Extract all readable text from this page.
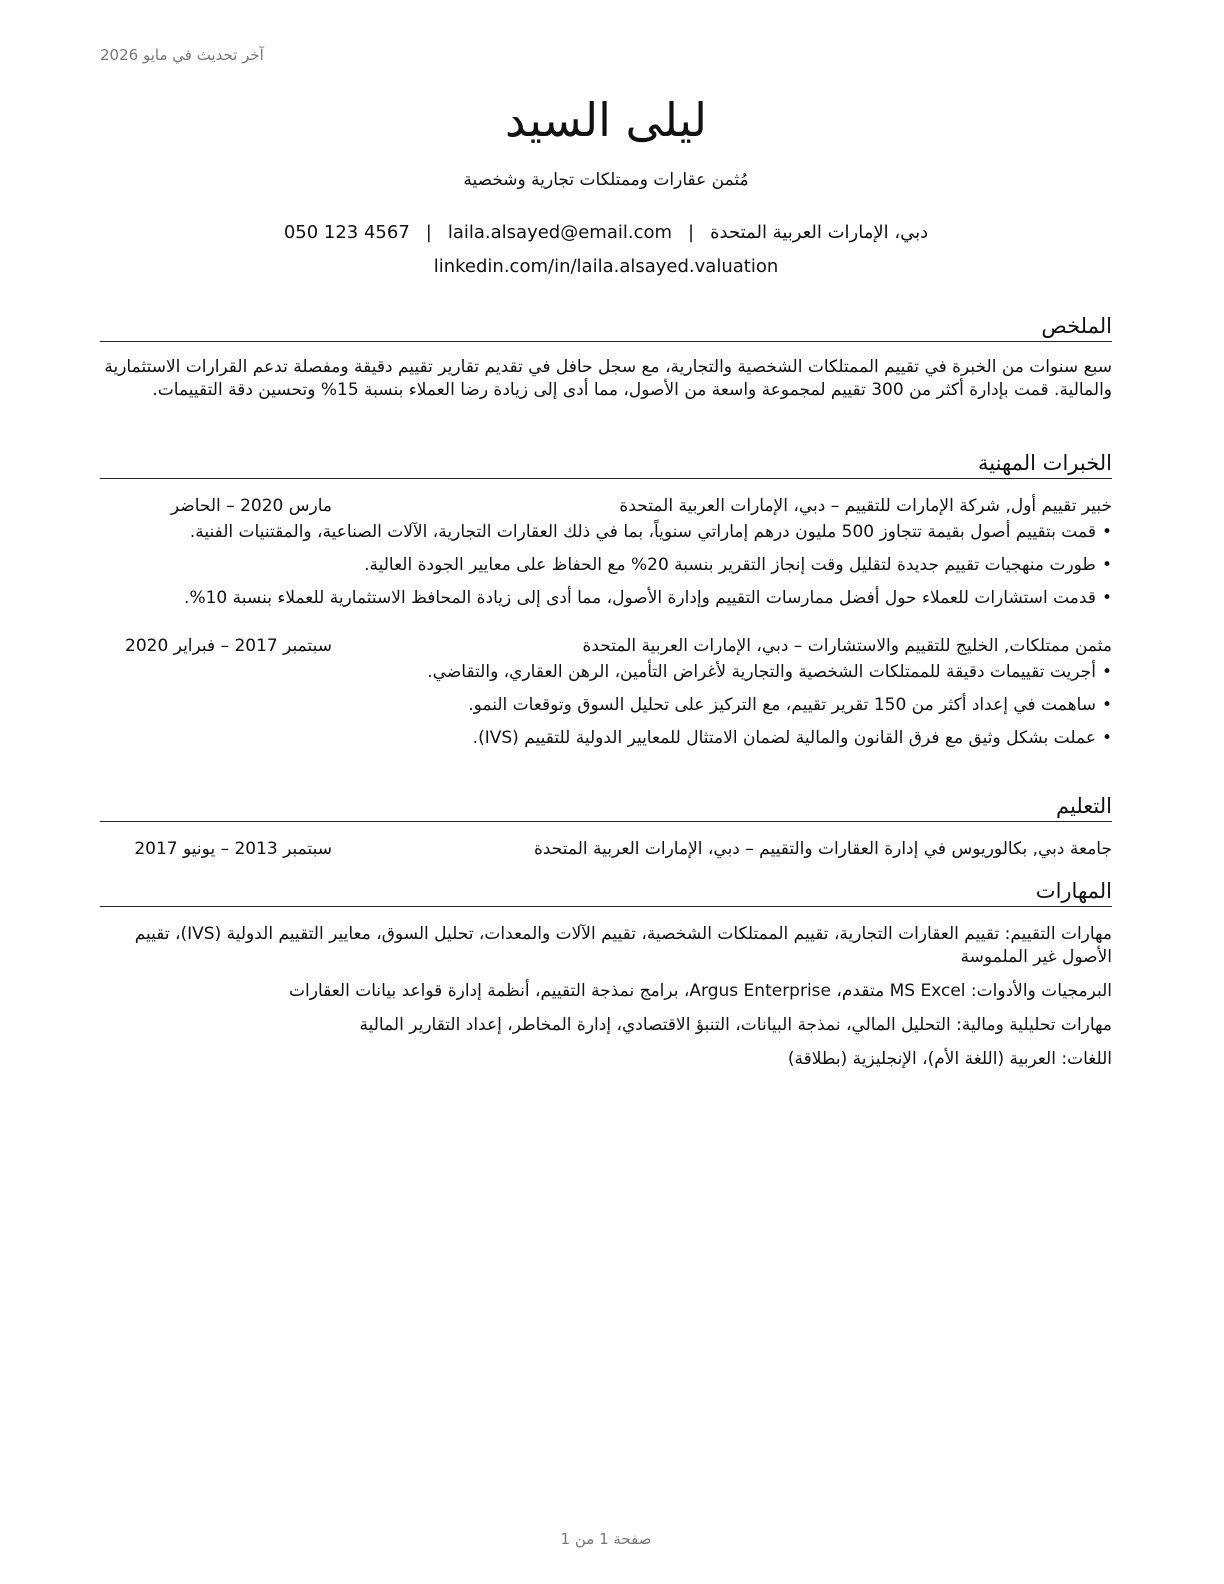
آخر تحديث في مايو 2026
ليلى السيد
مُثمن عقارات وممتلكات تجارية وشخصية
دبي، الإمارات العربية المتحدة|laila.alsayed@email.com|050 123 4567
linkedin.com/in/laila.alsayed.valuation
الملخص
سبع سنوات من الخبرة في تقييم الممتلكات الشخصية والتجارية، مع سجل حافل في تقديم تقارير تقييم دقيقة ومفصلة تدعم القرارات الاستثمارية والمالية. قمت بإدارة أكثر من 300 تقييم لمجموعة واسعة من الأصول، مما أدى إلى زيادة رضا العملاء بنسبة 15% وتحسين دقة التقييمات.
الخبرات المهنية
خبير تقييم أول, شركة الإمارات للتقييم – دبي، الإمارات العربية المتحدة
مارس 2020 – الحاضر
• قمت بتقييم أصول بقيمة تتجاوز 500 مليون درهم إماراتي سنوياً، بما في ذلك العقارات التجارية، الآلات الصناعية، والمقتنيات الفنية.
• طورت منهجيات تقييم جديدة لتقليل وقت إنجاز التقرير بنسبة 20% مع الحفاظ على معايير الجودة العالية.
• قدمت استشارات للعملاء حول أفضل ممارسات التقييم وإدارة الأصول، مما أدى إلى زيادة المحافظ الاستثمارية للعملاء بنسبة 10%.
مثمن ممتلكات, الخليج للتقييم والاستشارات – دبي، الإمارات العربية المتحدة
سبتمبر 2017 – فبراير 2020
• أجريت تقييمات دقيقة للممتلكات الشخصية والتجارية لأغراض التأمين، الرهن العقاري، والتقاضي.
• ساهمت في إعداد أكثر من 150 تقرير تقييم، مع التركيز على تحليل السوق وتوقعات النمو.
• عملت بشكل وثيق مع فرق القانون والمالية لضمان الامتثال للمعايير الدولية للتقييم (IVS).
التعليم
جامعة دبي, بكالوريوس في إدارة العقارات والتقييم – دبي، الإمارات العربية المتحدة
سبتمبر 2013 – يونيو 2017
المهارات

مهارات التقييم: تقييم العقارات التجارية، تقييم الممتلكات الشخصية، تقييم الآلات والمعدات، تحليل السوق، معايير التقييم الدولية (IVS)، تقييم الأصول غير الملموسة

البرمجيات والأدوات: MS Excel متقدم، Argus Enterprise، برامج نمذجة التقييم، أنظمة إدارة قواعد بيانات العقارات

مهارات تحليلية ومالية: التحليل المالي، نمذجة البيانات، التنبؤ الاقتصادي، إدارة المخاطر، إعداد التقارير المالية

اللغات: العربية (اللغة الأم)، الإنجليزية (بطلاقة)

صفحة 1 من 1
